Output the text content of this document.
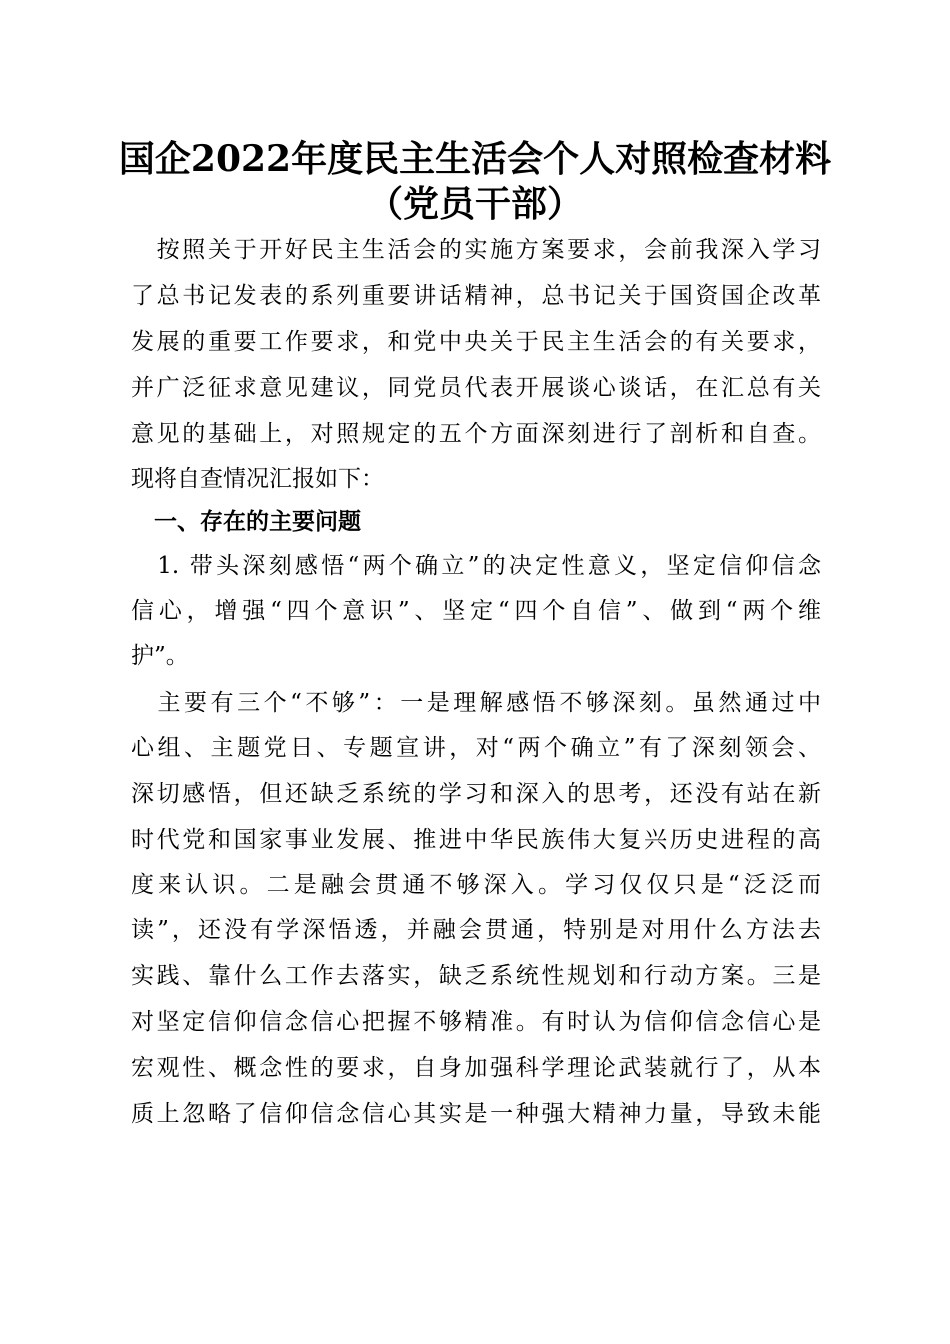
国企2022年度民主生活会个人对照检查材料
（党员干部）
　按照关于开好民主生活会的实施方案要求，会前我深入学习
了总书记发表的系列重要讲话精神，总书记关于国资国企改革
发展的重要工作要求，和党中央关于民主生活会的有关要求，
并广泛征求意见建议，同党员代表开展谈心谈话，在汇总有关
意见的基础上，对照规定的五个方面深刻进行了剖析和自查。
现将自查情况汇报如下：
　一、存在的主要问题
　1. 带头深刻感悟“两个确立”的决定性意义，坚定信仰信念
信心，增强“四个意识”、坚定“四个自信”、做到“两个维
护”。
　主要有三个“不够”：一是理解感悟不够深刻。虽然通过中
心组、主题党日、专题宣讲，对“两个确立”有了深刻领会、
深切感悟，但还缺乏系统的学习和深入的思考，还没有站在新
时代党和国家事业发展、推进中华民族伟大复兴历史进程的高
度来认识。二是融会贯通不够深入。学习仅仅只是“泛泛而
读”，还没有学深悟透，并融会贯通，特别是对用什么方法去
实践、靠什么工作去落实，缺乏系统性规划和行动方案。三是
对坚定信仰信念信心把握不够精准。有时认为信仰信念信心是
宏观性、概念性的要求，自身加强科学理论武装就行了，从本
质上忽略了信仰信念信心其实是一种强大精神力量，导致未能
